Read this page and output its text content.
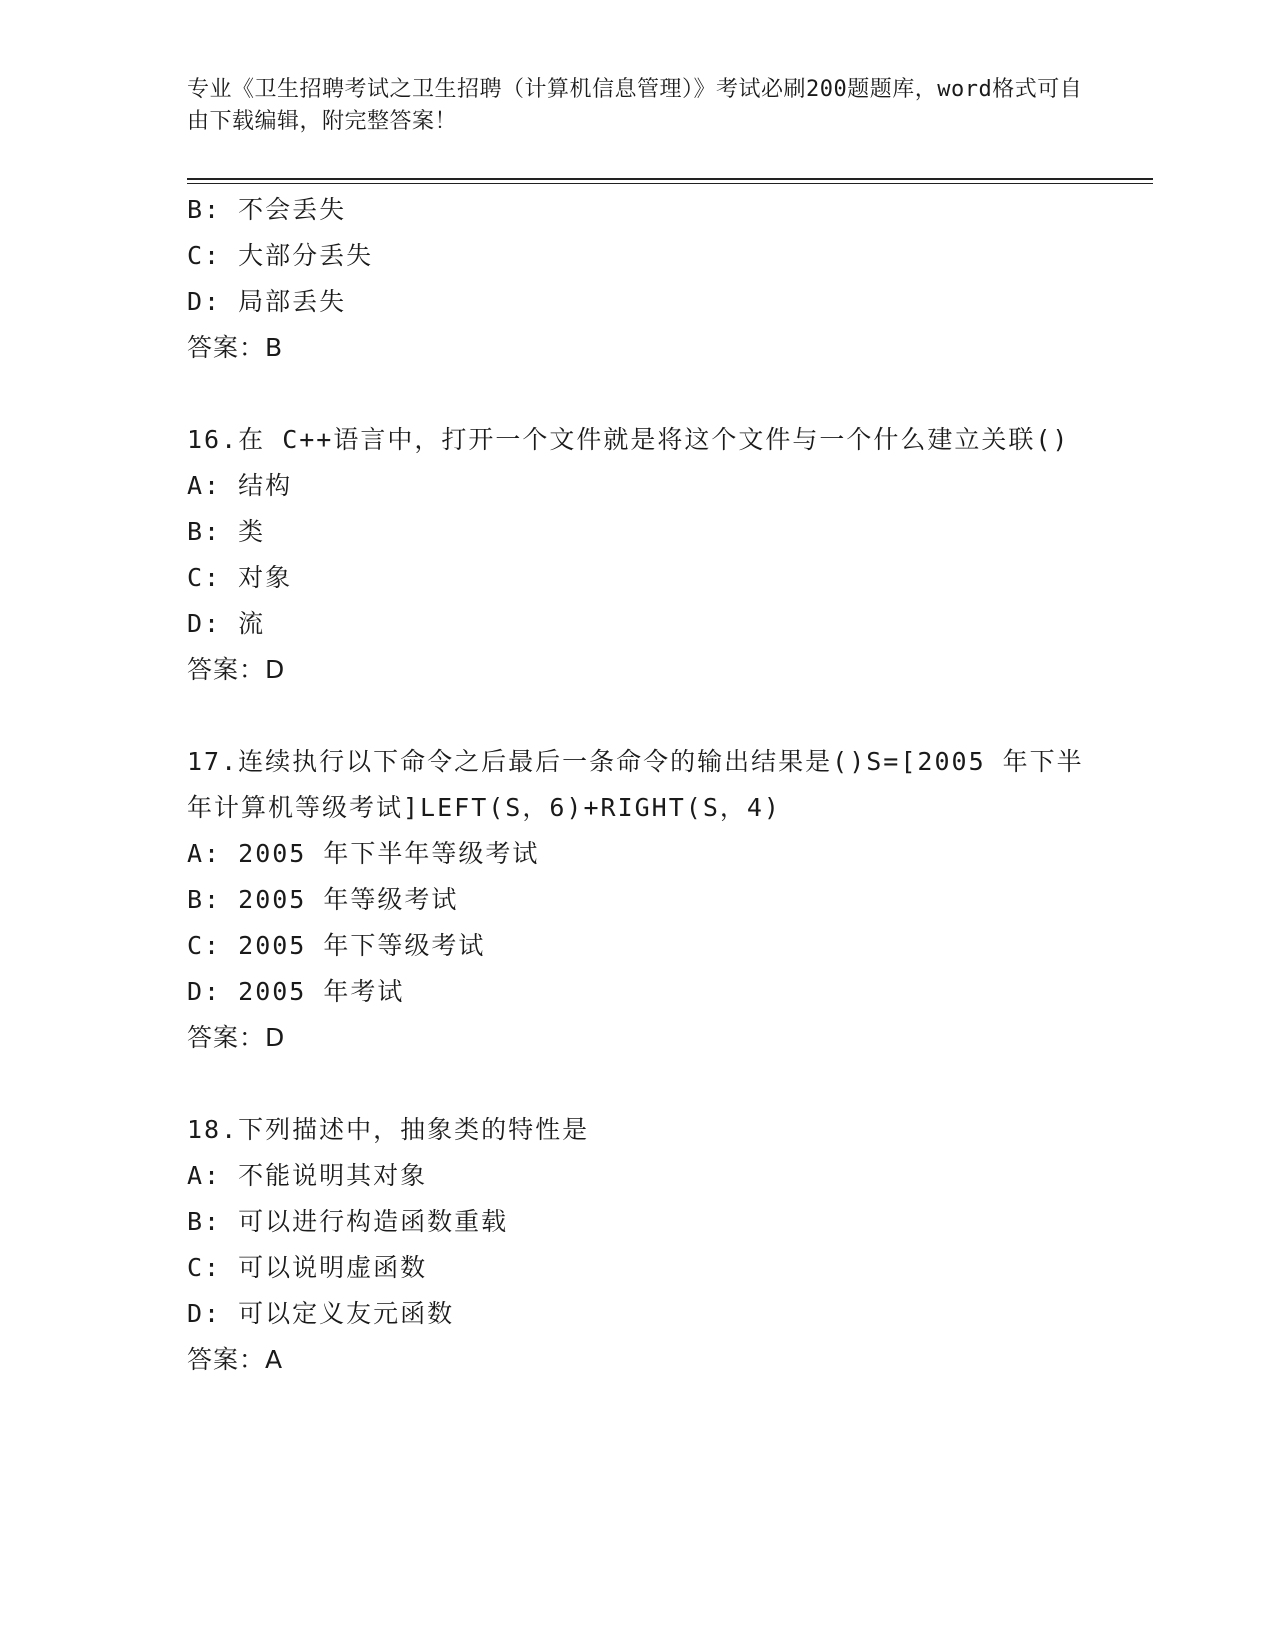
专业《卫生招聘考试之卫生招聘（计算机信息管理）》考试必刷200题题库，word格式可自由下载编辑，附完整答案！
B: 不会丢失
C: 大部分丢失
D: 局部丢失
答案：B
16.在 C++语言中，打开一个文件就是将这个文件与一个什么建立关联()
A: 结构
B: 类
C: 对象
D: 流
答案：D
17.连续执行以下命令之后最后一条命令的输出结果是()S=[2005 年下半年计算机等级考试]LEFT(S，6)+RIGHT(S，4)
A: 2005 年下半年等级考试
B: 2005 年等级考试
C: 2005 年下等级考试
D: 2005 年考试
答案：D
18.下列描述中，抽象类的特性是
A: 不能说明其对象
B: 可以进行构造函数重载
C: 可以说明虚函数
D: 可以定义友元函数
答案：A
